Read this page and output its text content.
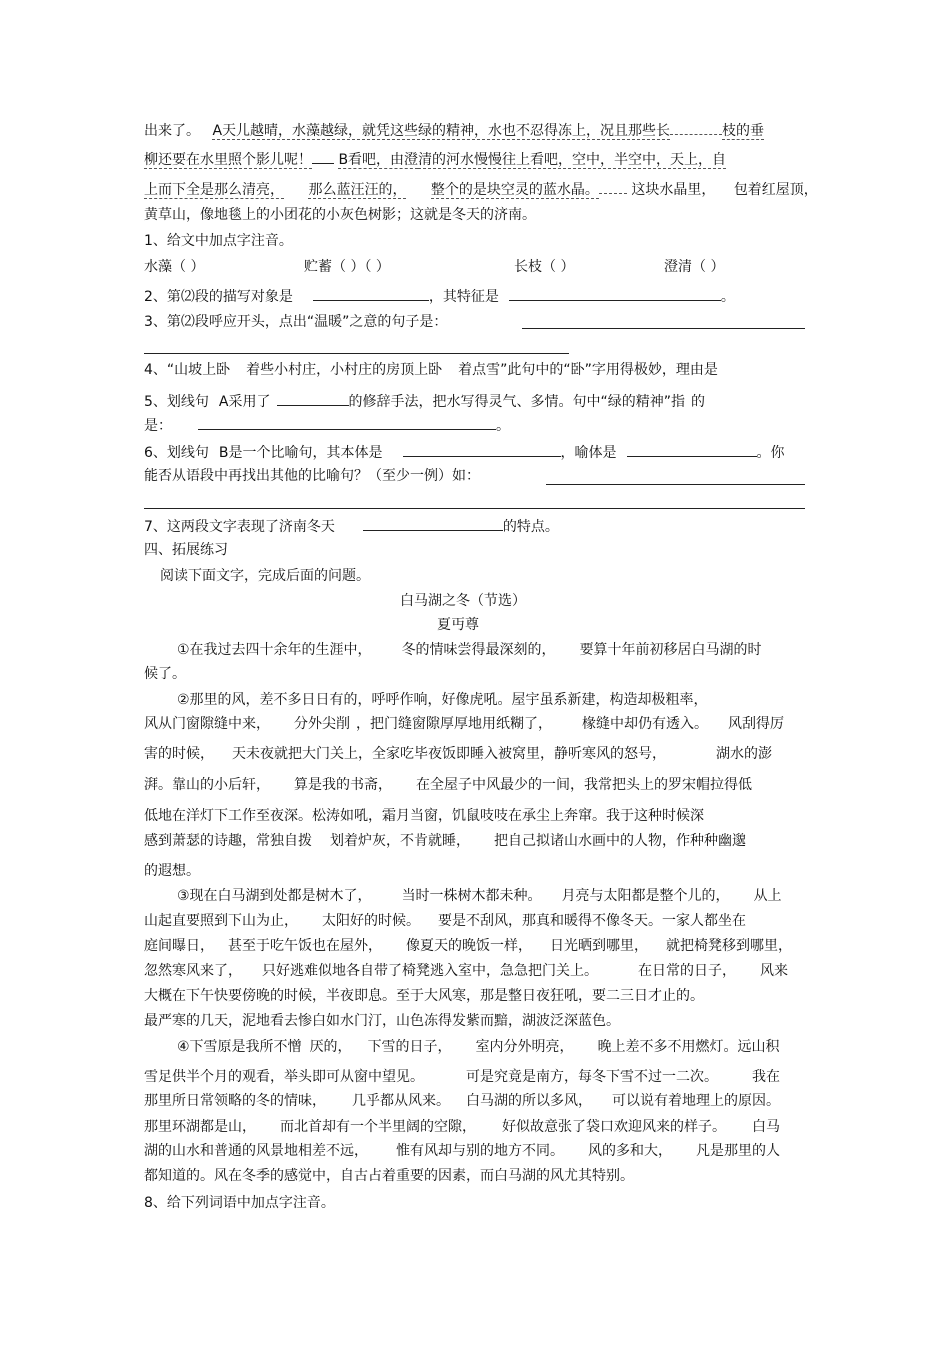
出来了。 A天儿越晴，水藻越绿，就凭这些绿的精神，水也不忍得冻上，况且那些长	枝的垂
柳还要在水里照个影儿呢！ B看吧，由澄清的河水慢慢往上看吧，空中，半空中，天上，自
上而下全是那么清亮， 那么蓝汪汪的， 整个的是块空灵的蓝水晶。 这块水晶里， 包着红屋顶，
黄草山，像地毯上的小团花的小灰色树影；这就是冬天的济南。
1、给文中加点字注音。
水藻（ ）	贮蓄（ ）（ ）	长枝（ ）	澄清（ ）
2、第⑵段的描写对象是	，其特征是	。
3、第⑵段呼应开头，点出“温暖”之意的句子是：
4、“山坡上卧 着些小村庄，小村庄的房顶上卧 着点雪”此句中的“卧”字用得极妙，理由是
5、划线句 A采用了	的修辞手法，把水写得灵气、多情。句中“绿的精神”指 的
是：	。
6、划线句 B是一个比喻句，其本体是	，喻体是	。你
能否从语段中再找出其他的比喻句？（至少一例）如：
7、这两段文字表现了济南冬天	的特点。
四、拓展练习
阅读下面文字，完成后面的问题。
白马湖之冬（节选）
夏丏尊
①在我过去四十余年的生涯中， 冬的情味尝得最深刻的， 要算十年前初移居白马湖的时
候了。
②那里的风，差不多日日有的，呼呼作响，好像虎吼。屋宇虽系新建，构造却极粗率，
风从门窗隙缝中来， 分外尖削 ，把门缝窗隙厚厚地用纸糊了， 椽缝中却仍有透入。 风刮得厉
害的时候， 天未夜就把大门关上，全家吃毕夜饭即睡入被窝里，静听寒风的怒号，	湖水的澎
湃。靠山的小后轩， 算是我的书斋， 在全屋子中风最少的一间，我常把头上的罗宋帽拉得低
低地在洋灯下工作至夜深。松涛如吼，霜月当窗，饥鼠吱吱在承尘上奔窜。我于这种时候深
感到萧瑟的诗趣，常独自拨 划着炉灰，不肯就睡， 把自己拟诸山水画中的人物，作种种幽邈
的遐想。
③现在白马湖到处都是树木了， 当时一株树木都未种。 月亮与太阳都是整个儿的， 从上
山起直要照到下山为止， 太阳好的时候。 要是不刮风，那真和暖得不像冬天。一家人都坐在
庭间曝日， 甚至于吃午饭也在屋外， 像夏天的晚饭一样， 日光晒到哪里， 就把椅凳移到哪里，
忽然寒风来了， 只好逃难似地各自带了椅凳逃入室中，急急把门关上。	在日常的日子， 风来
大概在下午快要傍晚的时候，半夜即息。至于大风寒，那是整日夜狂吼，要二三日才止的。
最严寒的几天，泥地看去惨白如水门汀，山色冻得发紫而黯，湖波泛深蓝色。
④下雪原是我所不憎 厌的， 下雪的日子， 室内分外明亮， 晚上差不多不用燃灯。远山积
雪足供半个月的观看，举头即可从窗中望见。	可是究竟是南方，每冬下雪不过一二次。 我在
那里所日常领略的冬的情味， 几乎都从风来。 白马湖的所以多风， 可以说有着地理上的原因。
那里环湖都是山， 而北首却有一个半里阔的空隙， 好似故意张了袋口欢迎风来的样子。 白马
湖的山水和普通的风景地相差不远， 惟有风却与别的地方不同。 风的多和大， 凡是那里的人
都知道的。风在冬季的感觉中，自古占着重要的因素，而白马湖的风尤其特别。
8、给下列词语中加点字注音。
